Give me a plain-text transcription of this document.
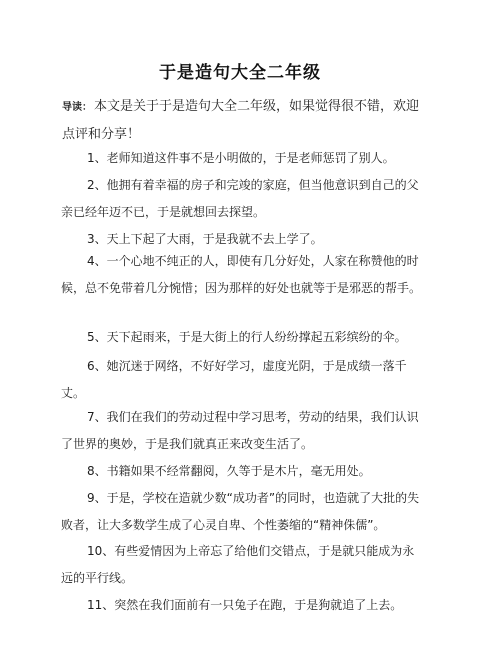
于是造句大全二年级
导读： 本文是关于于是造句大全二年级，如果觉得很不错，欢迎点评和分享！
1、老师知道这件事不是小明做的，于是老师惩罚了别人。
2、他拥有着幸福的房子和完竣的家庭，但当他意识到自己的父亲已经年迈不已，于是就想回去探望。
3、天上下起了大雨，于是我就不去上学了。
4、一个心地不纯正的人，即使有几分好处，人家在称赞他的时候，总不免带着几分惋惜；因为那样的好处也就等于是邪恶的帮手。
5、天下起雨来，于是大街上的行人纷纷撑起五彩缤纷的伞。
6、她沉迷于网络，不好好学习，虚度光阴，于是成绩一落千丈。
7、我们在我们的劳动过程中学习思考，劳动的结果，我们认识了世界的奥妙，于是我们就真正来改变生活了。
8、书籍如果不经常翻阅，久等于是木片，毫无用处。
9、于是，学校在造就少数“成功者”的同时，也造就了大批的失败者，让大多数学生成了心灵自卑、个性萎缩的“精神侏儒”。
10、有些爱情因为上帝忘了给他们交错点，于是就只能成为永远的平行线。
11、突然在我们面前有一只兔子在跑，于是狗就追了上去。
